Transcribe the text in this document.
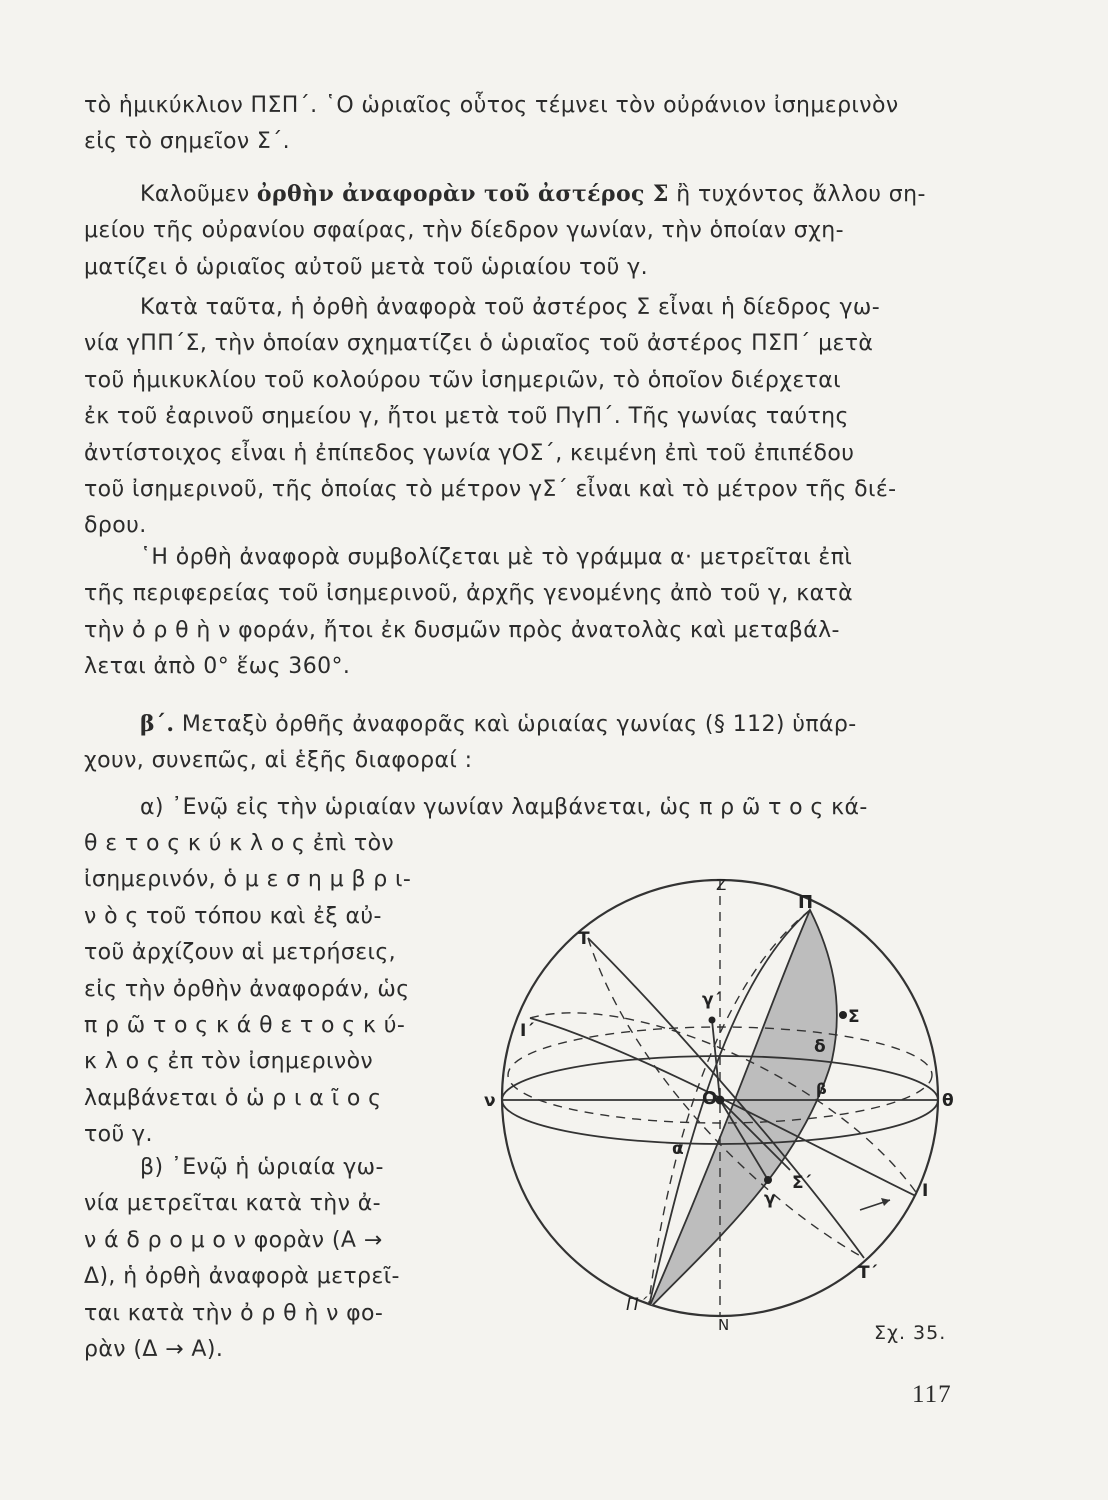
τὸ ἡμικύκλιον ΠΣΠ΄. ῾Ο ὡριαῖος οὗτος τέμνει τὸν οὐράνιον ἰσημερινὸν
εἰς τὸ σημεῖον Σ΄.
Καλοῦμεν ὀρθὴν ἀναφορὰν τοῦ ἀστέρος Σ ἢ τυχόντος ἄλλου ση-
μείου τῆς οὐρανίου σφαίρας, τὴν δίεδρον γωνίαν, τὴν ὁποίαν σχη-
ματίζει ὁ ὡριαῖος αὐτοῦ μετὰ τοῦ ὡριαίου τοῦ γ.
Κατὰ ταῦτα, ἡ ὀρθὴ ἀναφορὰ τοῦ ἀστέρος Σ εἶναι ἡ δίεδρος γω-
νία γΠΠ΄Σ, τὴν ὁποίαν σχηματίζει ὁ ὡριαῖος τοῦ ἀστέρος ΠΣΠ΄ μετὰ
τοῦ ἡμικυκλίου τοῦ κολούρου τῶν ἰσημεριῶν, τὸ ὁποῖον διέρχεται
ἐκ τοῦ ἐαρινοῦ σημείου γ, ἤτοι μετὰ τοῦ ΠγΠ΄. Τῆς γωνίας ταύτης
ἀντίστοιχος εἶναι ἡ ἐπίπεδος γωνία γΟΣ΄, κειμένη ἐπὶ τοῦ ἐπιπέδου
τοῦ ἰσημερινοῦ, τῆς ὁποίας τὸ μέτρον γΣ΄ εἶναι καὶ τὸ μέτρον τῆς διέ-
δρου.
῾Η ὀρθὴ ἀναφορὰ συμβολίζεται μὲ τὸ γράμμα α· μετρεῖται ἐπὶ
τῆς περιφερείας τοῦ ἰσημερινοῦ, ἀρχῆς γενομένης ἀπὸ τοῦ γ, κατὰ
τὴν ὀ ρ θ ὴ ν φοράν, ἤτοι ἐκ δυσμῶν πρὸς ἀνατολὰς καὶ μεταβάλ-
λεται ἀπὸ 0° ἕως 360°.
β΄. Μεταξὺ ὀρθῆς ἀναφορᾶς καὶ ὡριαίας γωνίας (§ 112) ὑπάρ-
χουν, συνεπῶς, αἱ ἑξῆς διαφοραί :
α) ᾿Ενῷ εἰς τὴν ὡριαίαν γωνίαν λαμβάνεται, ὡς π ρ ῶ τ ο ς κά-
θ ε τ ο ς κ ύ κ λ ο ς ἐπὶ τὸν
ἰσημερινόν, ὁ μ ε σ η μ β ρ ι-
ν ὸ ς τοῦ τόπου καὶ ἐξ αὐ-
τοῦ ἀρχίζουν αἱ μετρήσεις,
εἰς τὴν ὀρθὴν ἀναφοράν, ὡς
π ρ ῶ τ ο ς κ ά θ ε τ ο ς κ ύ-
κ λ ο ς ἐπ τὸν ἰσημερινὸν
λαμβάνεται ὁ ὡ ρ ι α ῖ ο ς
τοῦ γ.
β) ᾿Ενῷ ἡ ὡριαία γω-
νία μετρεῖται κατὰ τὴν ἀ-
ν ά δ ρ ο μ ο ν φορὰν (Α →
Δ), ἡ ὀρθὴ ἀναφορὰ μετρεῖ-
ται κατὰ τὴν ὀ ρ θ ὴ ν φο-
ρὰν (Δ → Α).
Z
N
Π
Π΄
T
T΄
I΄
I
γ΄
γ
Σ
Σ΄
O
δ
α
ν	θ
β
Σχ. 35.
117
